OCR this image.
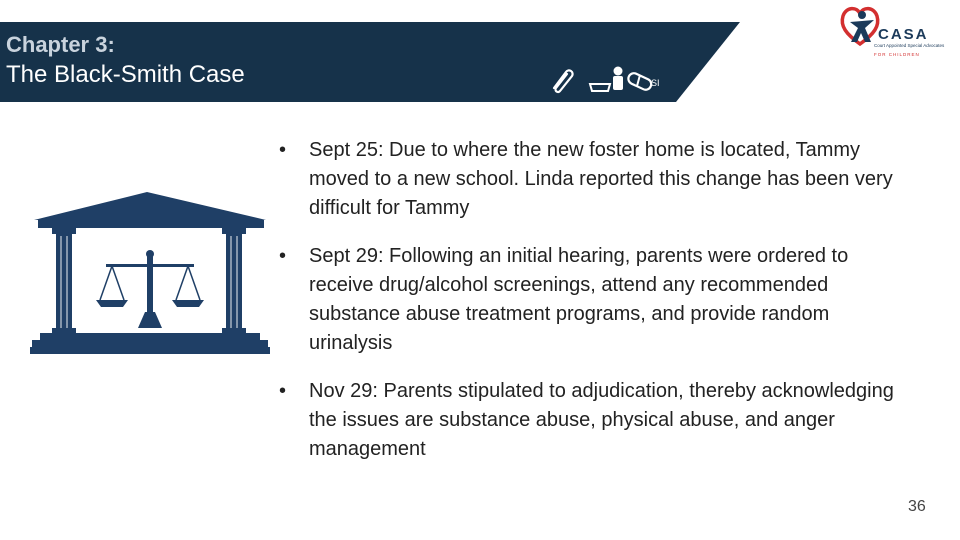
Chapter 3:
The Black-Smith Case	SI
CASA
Court Appointed Special Advocates
FOR CHILDREN
• Sept 25: Due to where the new foster home is located, Tammy moved to a new school. Linda reported this change has been very difficult for Tammy
• Sept 29: Following an initial hearing, parents were ordered to receive drug/alcohol screenings, attend any recommended substance abuse treatment programs, and provide random urinalysis
• Nov 29: Parents stipulated to adjudication, thereby acknowledging the issues are substance abuse, physical abuse, and anger management
36
